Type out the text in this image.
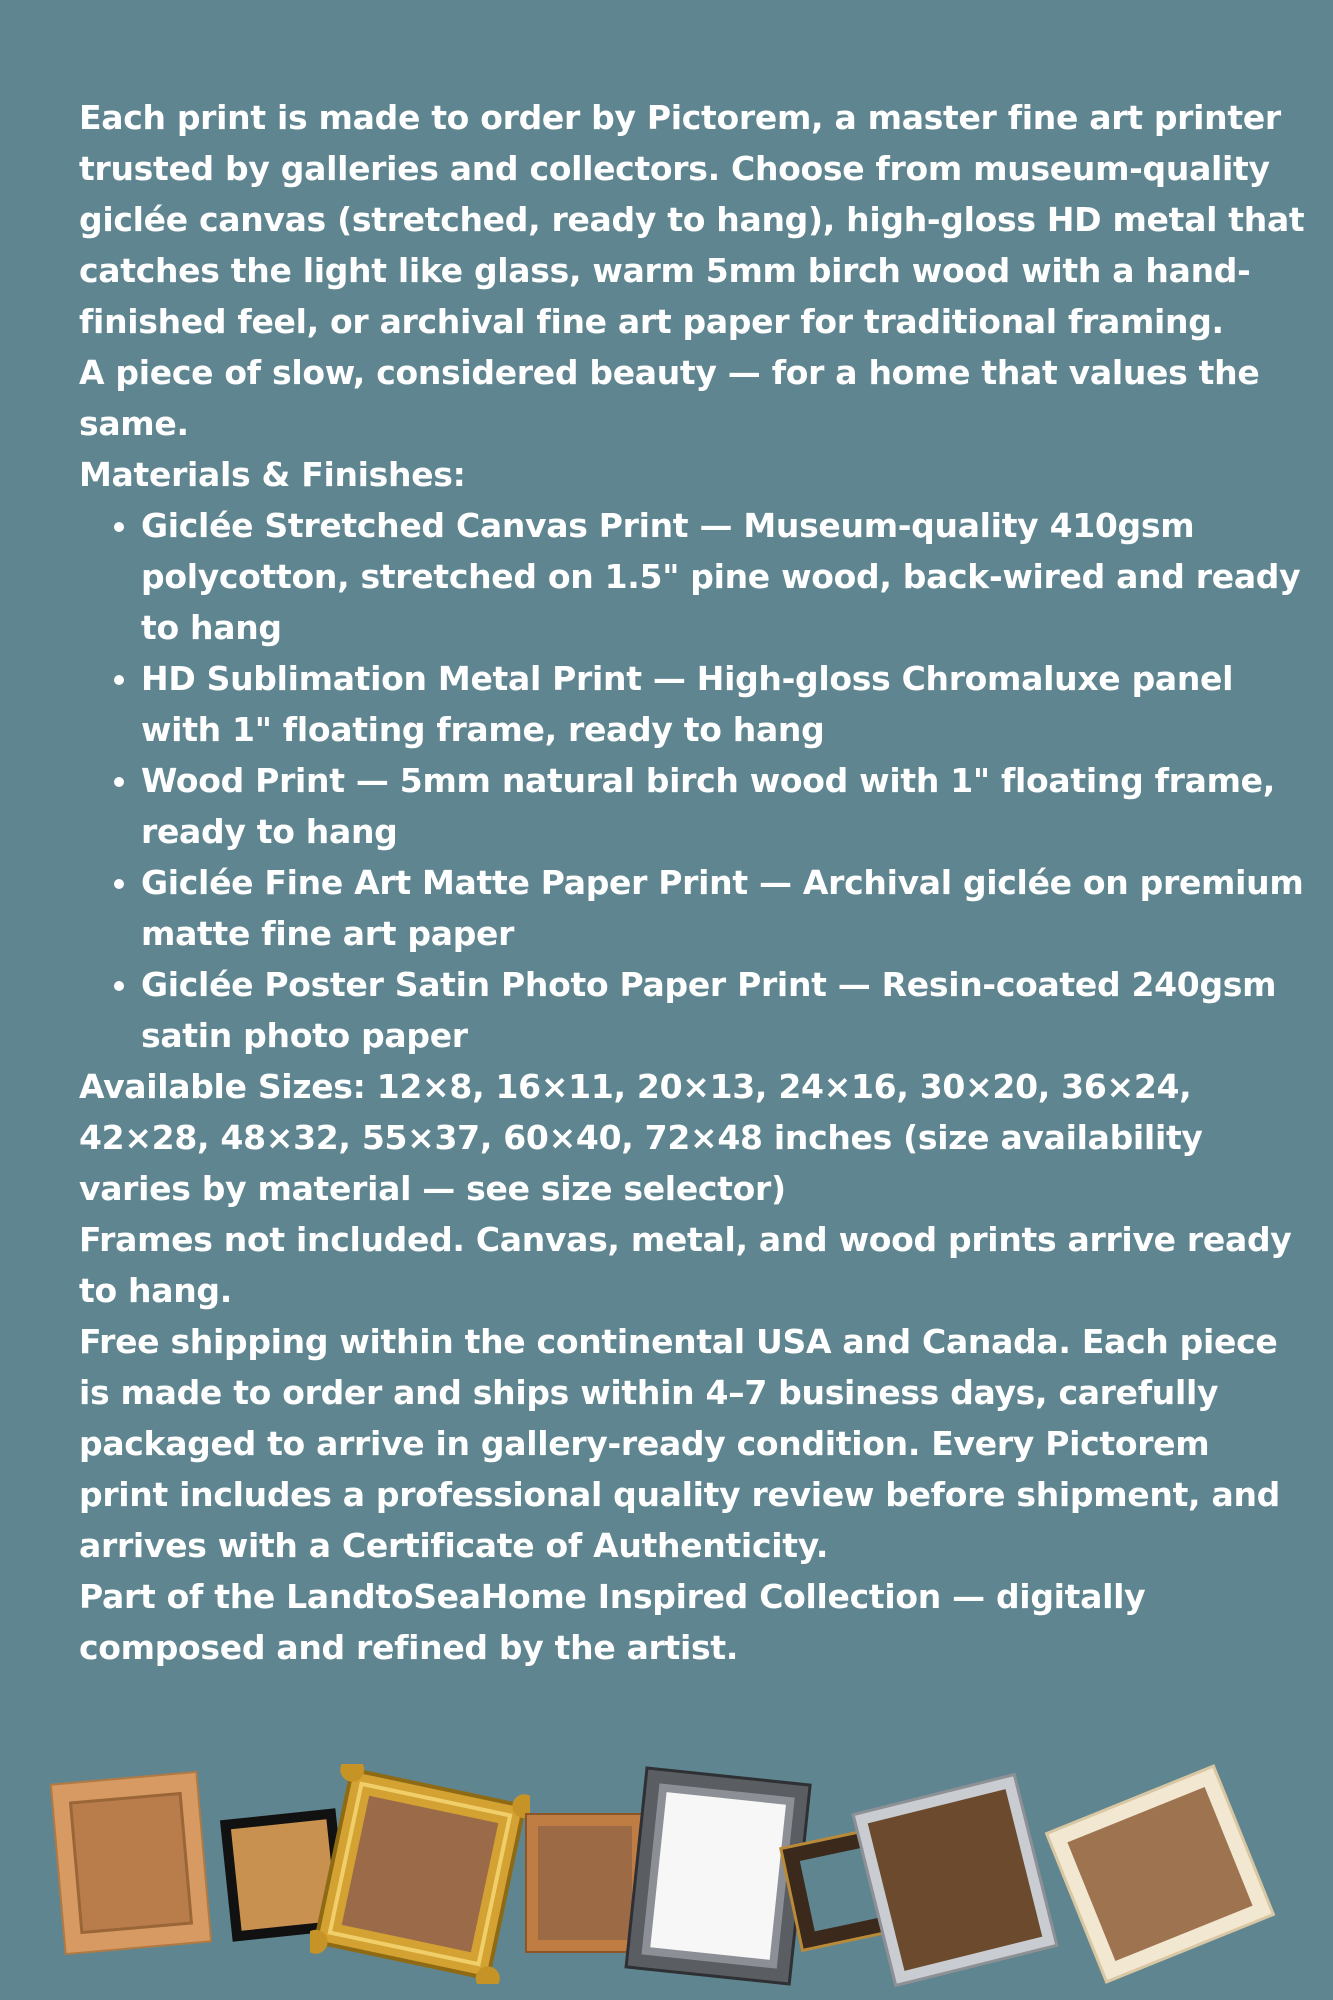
Each print is made to order by Pictorem, a master fine art printer trusted by galleries and collectors. Choose from museum-quality giclée canvas (stretched, ready to hang), high-gloss HD metal that catches the light like glass, warm 5mm birch wood with a hand-finished feel, or archival fine art paper for traditional framing.

A piece of slow, considered beauty — for a home that values the same.

Materials & Finishes:

• Giclée Stretched Canvas Print — Museum-quality 410gsm polycotton, stretched on 1.5" pine wood, back-wired and ready to hang
• HD Sublimation Metal Print — High-gloss Chromaluxe panel with 1" floating frame, ready to hang
• Wood Print — 5mm natural birch wood with 1" floating frame, ready to hang
• Giclée Fine Art Matte Paper Print — Archival giclée on premium matte fine art paper
• Giclée Poster Satin Photo Paper Print — Resin-coated 240gsm satin photo paper

Available Sizes: 12×8, 16×11, 20×13, 24×16, 30×20, 36×24, 42×28, 48×32, 55×37, 60×40, 72×48 inches (size availability varies by material — see size selector)

Frames not included. Canvas, metal, and wood prints arrive ready to hang.

Free shipping within the continental USA and Canada. Each piece is made to order and ships within 4–7 business days, carefully packaged to arrive in gallery-ready condition. Every Pictorem print includes a professional quality review before shipment, and arrives with a Certificate of Authenticity.

Part of the LandtoSeaHome Inspired Collection — digitally composed and refined by the artist.
